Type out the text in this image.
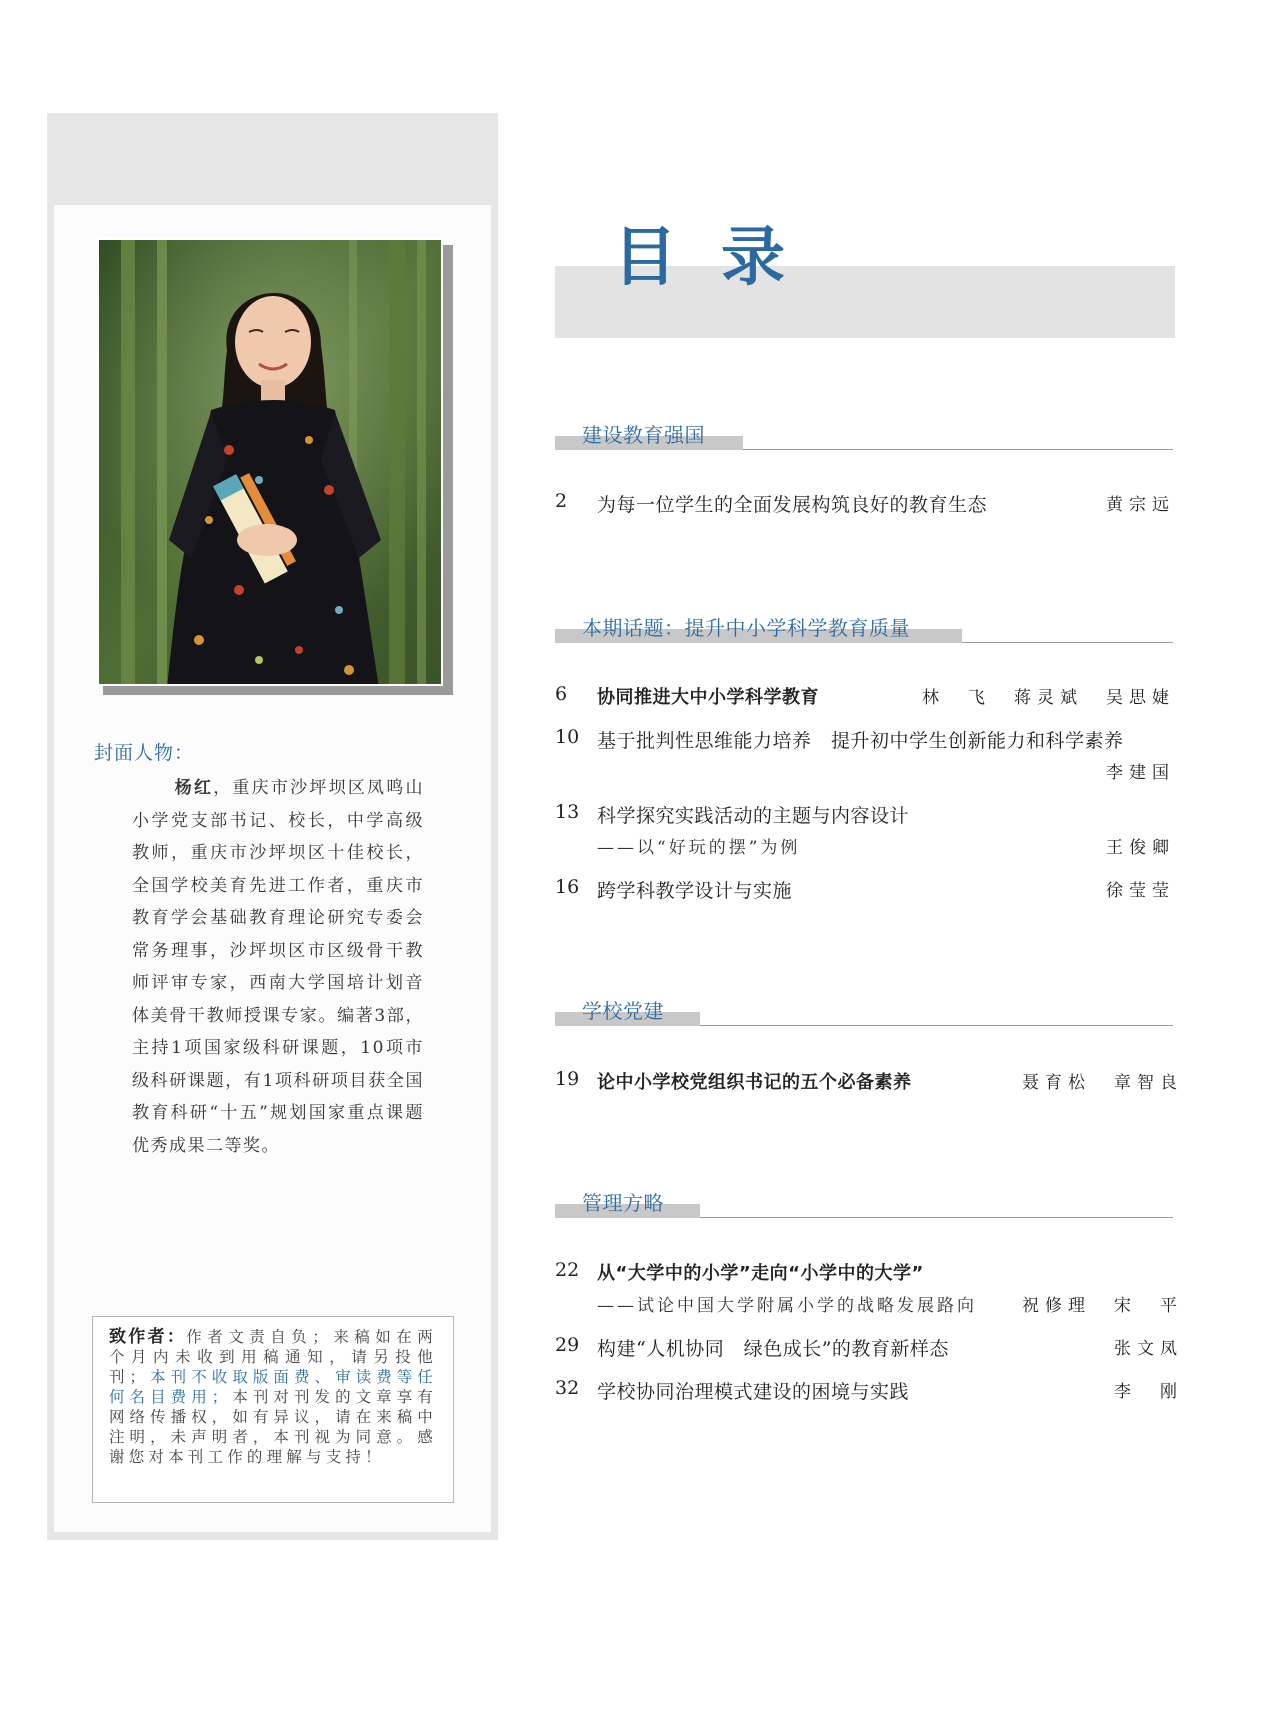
封面人物：
杨红，重庆市沙坪坝区凤鸣山小学党支部书记、校长，中学高级教师，重庆市沙坪坝区十佳校长，全国学校美育先进工作者，重庆市教育学会基础教育理论研究专委会常务理事，沙坪坝区市区级骨干教师评审专家，西南大学国培计划音体美骨干教师授课专家。编著3部，主持1项国家级科研课题，10项市级科研课题，有1项科研项目获全国教育科研“十五”规划国家重点课题优秀成果二等奖。
致作者：作者文责自负；来稿如在两个月内未收到用稿通知，请另投他刊；本刊不收取版面费、审读费等任何名目费用；本刊对刊发的文章享有网络传播权，如有异议，请在来稿中注明，未声明者，本刊视为同意。感谢您对本刊工作的理解与支持！
目录
建设教育强国
2 为每一位学生的全面发展构筑良好的教育生态	黄宗远
本期话题：提升中小学科学教育质量
6 协同推进大中小学科学教育	林　飞　蒋灵斌　吴思婕
10 基于批判性思维能力培养　提升初中学生创新能力和科学素养
李建国
13 科学探究实践活动的主题与内容设计
——以“好玩的摆”为例	王俊卿
16 跨学科教学设计与实施	徐莹莹
学校党建
19 论中小学校党组织书记的五个必备素养	聂育松　章智良
管理方略
22 从“大学中的小学”走向“小学中的大学”
——试论中国大学附属小学的战略发展路向	祝修理　宋　平
29 构建“人机协同　绿色成长”的教育新样态	张文凤
32 学校协同治理模式建设的困境与实践	李　刚
